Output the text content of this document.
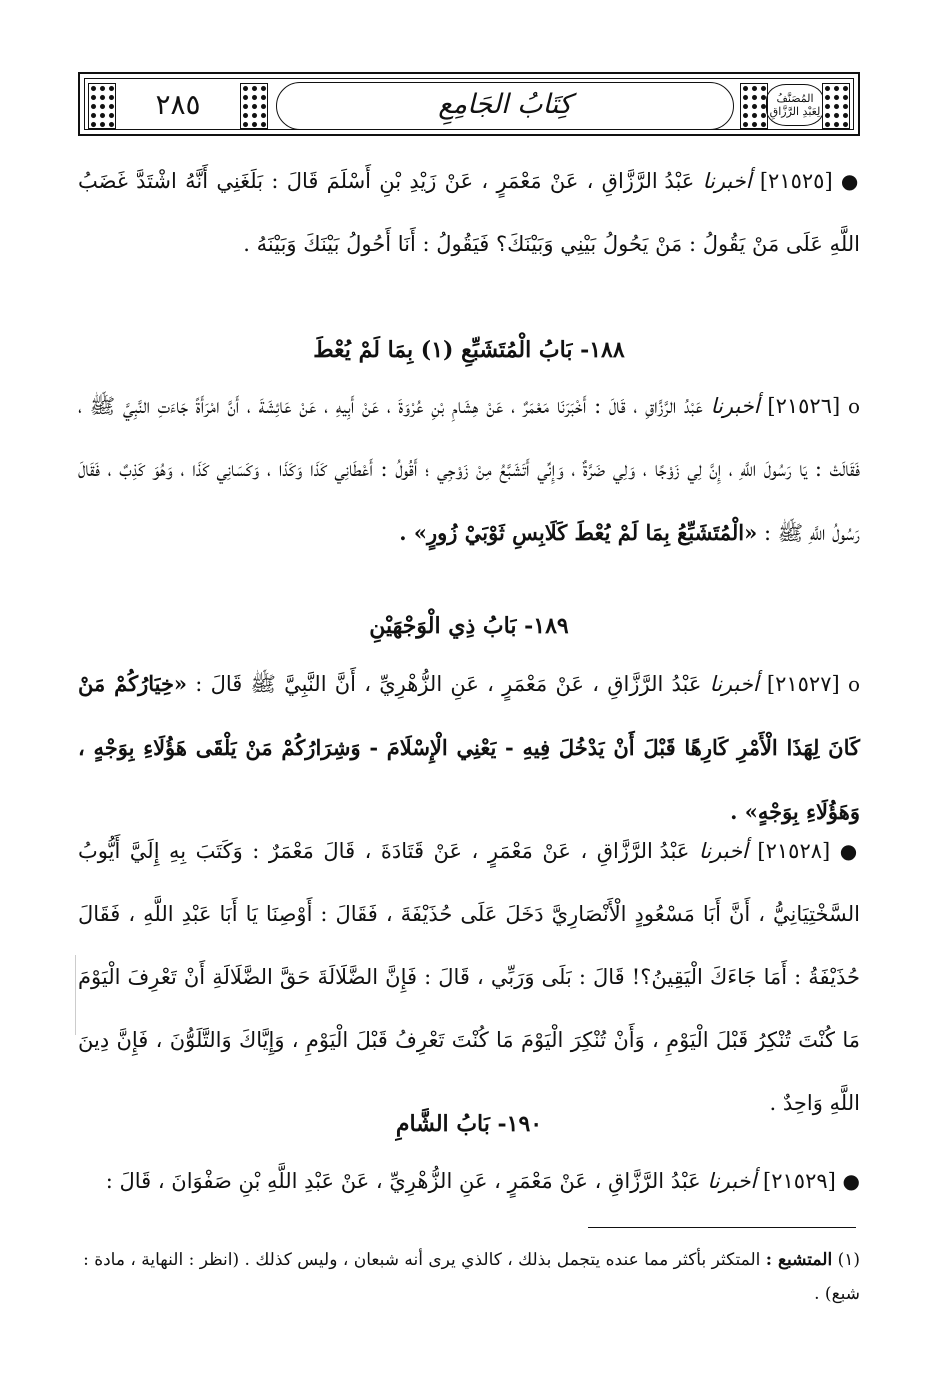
٢٨٥	كِتَابُ الجَامِعِ	المُصَنَّفُ لِعَبْدِ الرَّزَّاقِ
● [٢١٥٢٥] أخبرنا عَبْدُ الرَّزَّاقِ ، عَنْ مَعْمَرٍ ، عَنْ زَيْدِ بْنِ أَسْلَمَ قَالَ : بَلَغَنِي أَنَّهُ اشْتَدَّ غَضَبُ اللَّهِ عَلَى مَنْ يَقُولُ : مَنْ يَحُولُ بَيْنِي وَبَيْنَكَ؟ فَيَقُولُ : أَنَا أَحُولُ بَيْنَكَ وَبَيْنَهُ .
١٨٨- بَابُ الْمُتَشَبِّعِ (١) بِمَا لَمْ يُعْطَ
ο [٢١٥٢٦] أخبرنا عَبْدُ الرَّزَّاقِ ، قَالَ : أَخْبَرَنَا مَعْمَرٌ ، عَنْ هِشَامِ بْنِ عُرْوَةَ ، عَنْ أَبِيهِ ، عَنْ عَائِشَةَ ، أَنَّ امْرَأَةً جَاءَتِ النَّبِيَّ ﷺ ، فَقَالَتْ : يَا رَسُولَ اللَّهِ ، إِنَّ لِي زَوْجًا ، وَلِي ضَرَّةٌ ، وَإِنِّي أَتَشَبَّعُ مِنْ زَوْجِي ؛ أَقُولُ : أَعْطَانِي كَذَا وَكَذَا ، وَكَسَانِي كَذَا ، وَهُوَ كَذِبٌ ، فَقَالَ رَسُولُ اللَّهِ ﷺ : «الْمُتَشَبِّعُ بِمَا لَمْ يُعْطَ كَلَابِسِ ثَوْبَيْ زُورٍ» .
١٨٩- بَابُ ذِي الْوَجْهَيْنِ
ο [٢١٥٢٧] أخبرنا عَبْدُ الرَّزَّاقِ ، عَنْ مَعْمَرٍ ، عَنِ الزُّهْرِيِّ ، أَنَّ النَّبِيَّ ﷺ قَالَ : «خِيَارُكُمْ مَنْ كَانَ لِهَذَا الْأَمْرِ كَارِهًا قَبْلَ أَنْ يَدْخُلَ فِيهِ - يَعْنِي الْإِسْلَامَ - وَشِرَارُكُمْ مَنْ يَلْقَى هَؤُلَاءِ بِوَجْهٍ ، وَهَؤُلَاءِ بِوَجْهٍ» .
● [٢١٥٢٨] أخبرنا عَبْدُ الرَّزَّاقِ ، عَنْ مَعْمَرٍ ، عَنْ قَتَادَةَ ، قَالَ مَعْمَرٌ : وَكَتَبَ بِهِ إِلَيَّ أَيُّوبُ السَّخْتِيَانِيُّ ، أَنَّ أَبَا مَسْعُودٍ الْأَنْصَارِيَّ دَخَلَ عَلَى حُذَيْفَةَ ، فَقَالَ : أَوْصِنَا يَا أَبَا عَبْدِ اللَّهِ ، فَقَالَ حُذَيْفَةُ : أَمَا جَاءَكَ الْيَقِينُ؟! قَالَ : بَلَى وَرَبِّي ، قَالَ : فَإِنَّ الضَّلَالَةَ حَقَّ الضَّلَالَةِ أَنْ تَعْرِفَ الْيَوْمَ مَا كُنْتَ تُنْكِرُ قَبْلَ الْيَوْمِ ، وَأَنْ تُنْكِرَ الْيَوْمَ مَا كُنْتَ تَعْرِفُ قَبْلَ الْيَوْمِ ، وَإِيَّاكَ وَالتَّلَوُّنَ ، فَإِنَّ دِينَ اللَّهِ وَاحِدٌ .
١٩٠- بَابُ الشَّامِ
● [٢١٥٢٩] أخبرنا عَبْدُ الرَّزَّاقِ ، عَنْ مَعْمَرٍ ، عَنِ الزُّهْرِيِّ ، عَنْ عَبْدِ اللَّهِ بْنِ صَفْوَانَ ، قَالَ :
(١) المتشبع : المتكثر بأكثر مما عنده يتجمل بذلك ، كالذي يرى أنه شبعان ، وليس كذلك . (انظر : النهاية ، مادة : شبع) .
